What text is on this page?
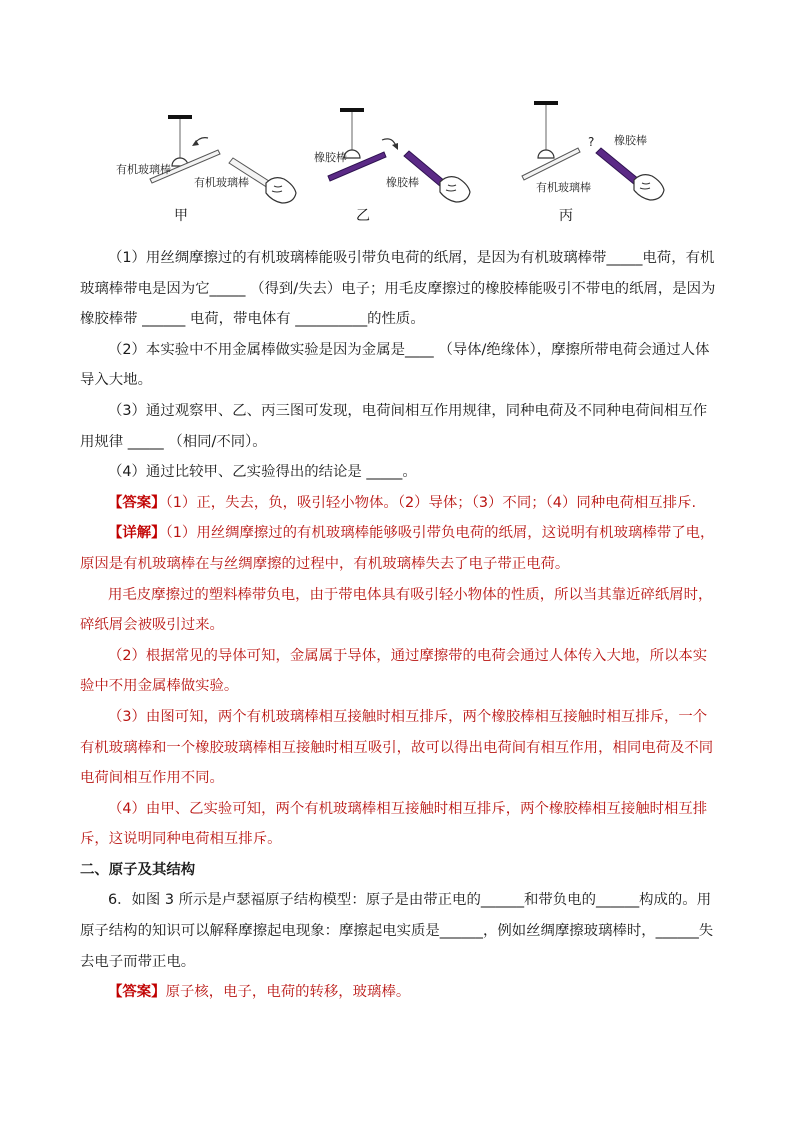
有机玻璃棒
有机玻璃棒
橡胶棒
橡胶棒
? 橡胶棒
有机玻璃棒
甲	乙	丙

（1）用丝绸摩擦过的有机玻璃棒能吸引带负电荷的纸屑，是因为有机玻璃棒带_____电荷，有机玻璃棒带电是因为它_____ （得到/失去）电子；用毛皮摩擦过的橡胶棒能吸引不带电的纸屑，是因为橡胶棒带 ______ 电荷，带电体有 __________的性质。

（2）本实验中不用金属棒做实验是因为金属是____ （导体/绝缘体），摩擦所带电荷会通过人体导入大地。

（3）通过观察甲、乙、丙三图可发现，电荷间相互作用规律，同种电荷及不同种电荷间相互作用规律 _____ （相同/不同）。

（4）通过比较甲、乙实验得出的结论是 _____。

【答案】（1）正，失去，负，吸引轻小物体。（2）导体；（3）不同；（4）同种电荷相互排斥.

【详解】（1）用丝绸摩擦过的有机玻璃棒能够吸引带负电荷的纸屑，这说明有机玻璃棒带了电，原因是有机玻璃棒在与丝绸摩擦的过程中，有机玻璃棒失去了电子带正电荷。

用毛皮摩擦过的塑料棒带负电，由于带电体具有吸引轻小物体的性质，所以当其靠近碎纸屑时，碎纸屑会被吸引过来。

（2）根据常见的导体可知，金属属于导体，通过摩擦带的电荷会通过人体传入大地，所以本实验中不用金属棒做实验。

（3）由图可知，两个有机玻璃棒相互接触时相互排斥，两个橡胶棒相互接触时相互排斥，一个有机玻璃棒和一个橡胶玻璃棒相互接触时相互吸引，故可以得出电荷间有相互作用，相同电荷及不同电荷间相互作用不同。

（4）由甲、乙实验可知，两个有机玻璃棒相互接触时相互排斥，两个橡胶棒相互接触时相互排斥，这说明同种电荷相互排斥。

二、原子及其结构

6．如图 3 所示是卢瑟福原子结构模型：原子是由带正电的______和带负电的______构成的。用原子结构的知识可以解释摩擦起电现象：摩擦起电实质是______，例如丝绸摩擦玻璃棒时，______失去电子而带正电。

【答案】原子核，电子，电荷的转移，玻璃棒。
